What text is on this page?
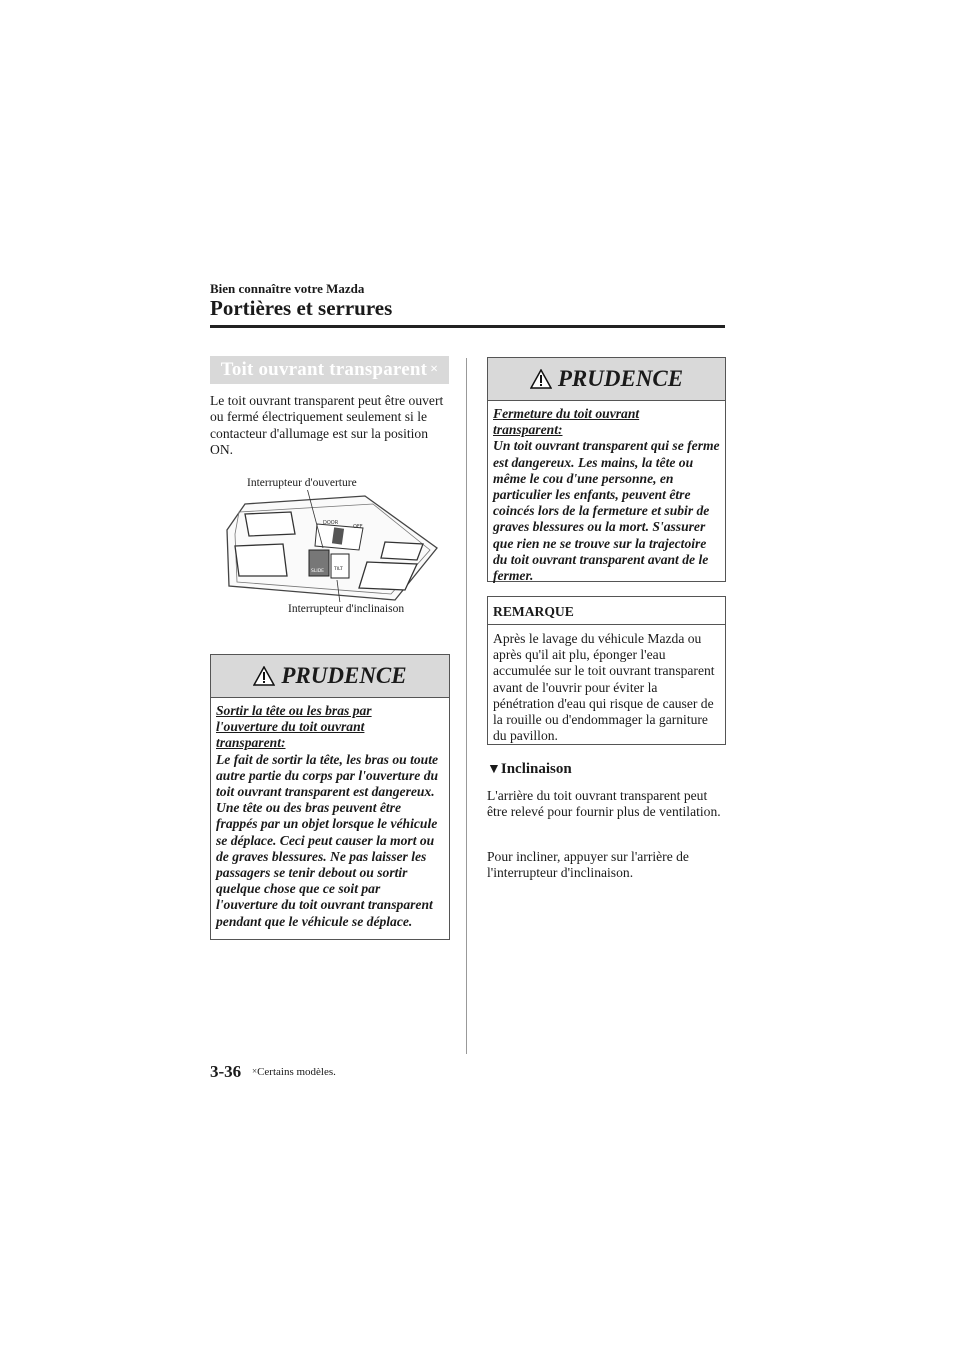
Bien connaître votre Mazda
Portières et serrures
Toit ouvrant transparent ×
Le toit ouvrant transparent peut être ouvert ou fermé électriquement seulement si le contacteur d'allumage est sur la position ON.
Interrupteur d'ouverture
Interrupteur d'inclinaison
DOOR
OFF
SLIDE TILT
PRUDENCE
Sortir la tête ou les bras par
l'ouverture du toit ouvrant
transparent:
Le fait de sortir la tête, les bras ou toute autre partie du corps par l'ouverture du toit ouvrant transparent est dangereux. Une tête ou des bras peuvent être frappés par un objet lorsque le véhicule se déplace. Ceci peut causer la mort ou de graves blessures. Ne pas laisser les passagers se tenir debout ou sortir quelque chose que ce soit par l'ouverture du toit ouvrant transparent pendant que le véhicule se déplace.
PRUDENCE
Fermeture du toit ouvrant
transparent:
Un toit ouvrant transparent qui se ferme est dangereux. Les mains, la tête ou même le cou d'une personne, en particulier les enfants, peuvent être coincés lors de la fermeture et subir de graves blessures ou la mort. S'assurer que rien ne se trouve sur la trajectoire du toit ouvrant transparent avant de le fermer.
REMARQUE
Après le lavage du véhicule Mazda ou après qu'il ait plu, éponger l'eau accumulée sur le toit ouvrant transparent avant de l'ouvrir pour éviter la pénétration d'eau qui risque de causer de la rouille ou d'endommager la garniture du pavillon.
▼Inclinaison
L'arrière du toit ouvrant transparent peut être relevé pour fournir plus de ventilation.
Pour incliner, appuyer sur l'arrière de l'interrupteur d'inclinaison.
3-36 ×Certains modèles.
